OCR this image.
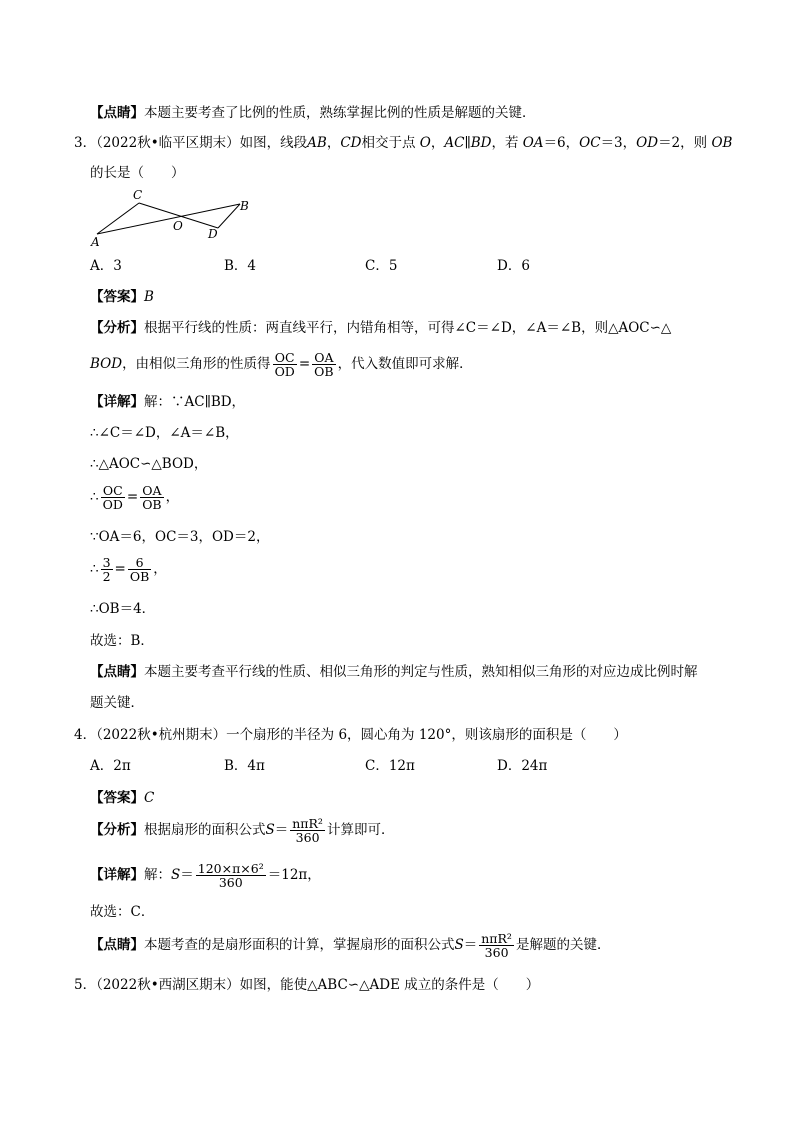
【点睛】本题主要考查了比例的性质，熟练掌握比例的性质是解题的关键．
3．（2022秋•临平区期末）如图，线段AB，CD相交于点 O，AC∥BD，若 OA＝6，OC＝3，OD＝2，则 OB
的长是（　　）
A
C
O
D
B
A．3	B．4	C．5	D．6
【答案】B
【分析】根据平行线的性质：两直线平行，内错角相等，可得∠C＝∠D，∠A＝∠B，则△AOC∽△
BOD，由相似三角形的性质得 $\frac{OC}{OD} = \frac{OA}{OB}$ ，代入数值即可求解．
【详解】解：∵AC∥BD，
∴∠C＝∠D，∠A＝∠B，
∴△AOC∽△BOD，
∴ $\frac{OC}{OD} = \frac{OA}{OB}$ ，
∵OA＝6，OC＝3，OD＝2，
∴ $\frac{3}{2} = \frac{6}{OB}$ ，
∴OB＝4．
故选：B．
【点睛】本题主要考查平行线的性质、相似三角形的判定与性质，熟知相似三角形的对应边成比例时解
题关键．
4．（2022秋•杭州期末）一个扇形的半径为 6，圆心角为 120°，则该扇形的面积是（　　）
A．2π	B．4π	C．12π	D．24π
【答案】C
【分析】根据扇形的面积公式$S= \frac{\text{nπR²}}{360}$ 计算即可．
【详解】解：$S= \frac{\text{120×π×6²}}{360} =12\pi$，
故选：C．
【点睛】本题考查的是扇形面积的计算，掌握扇形的面积公式$S= \frac{\text{nπR²}}{360}$ 是解题的关键．
5．（2022秋•西湖区期末）如图，能使△ABC∽△ADE 成立的条件是（　　）
